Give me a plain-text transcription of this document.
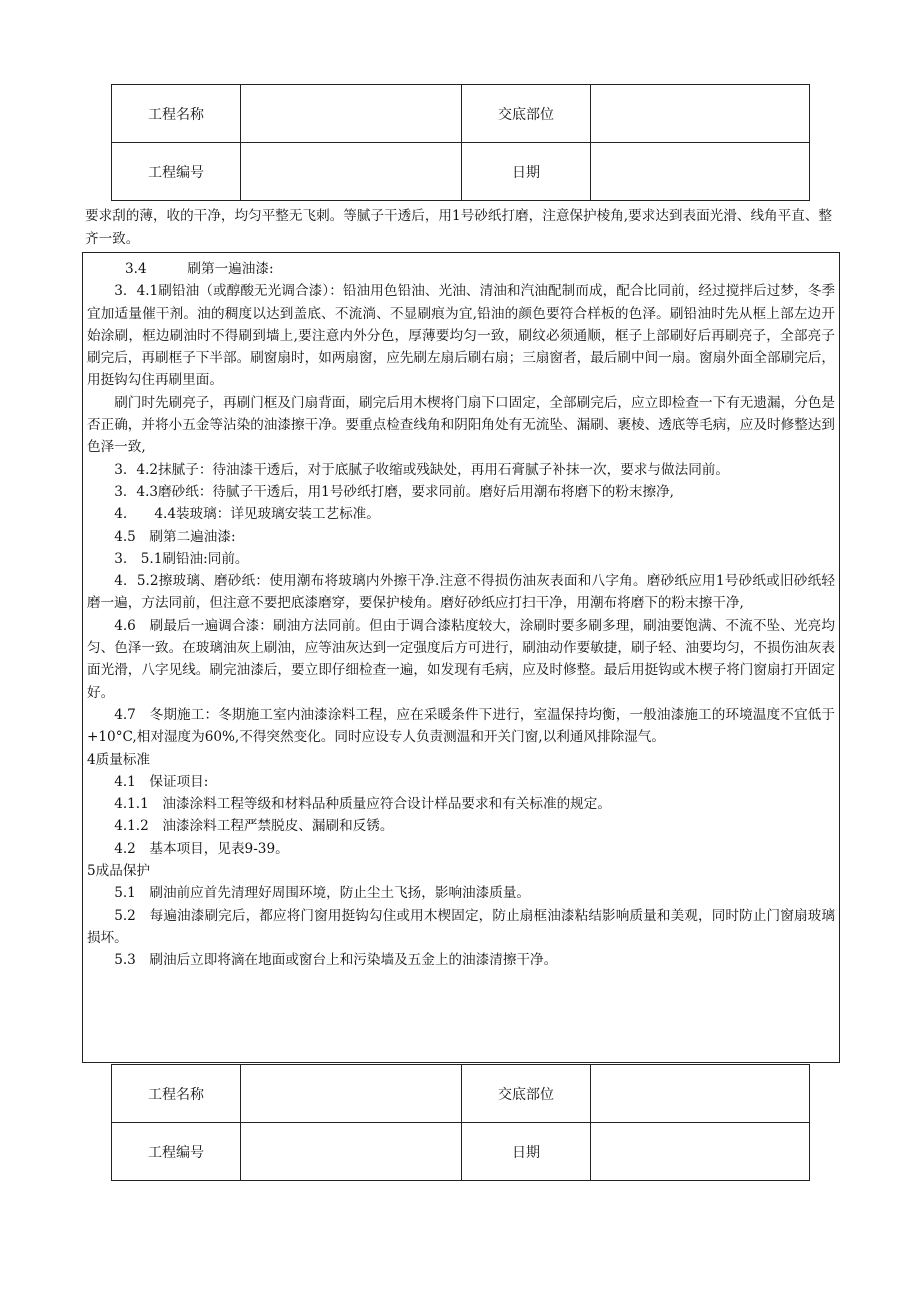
工程名称		交底部位	
工程编号		日期	
要求刮的薄，收的干净，均匀平整无飞刺。等腻子干透后，用1号砂纸打磨，注意保护棱角,要求达到表面光滑、线角平直、整齐一致。

3.4　　　刷第一遍油漆:

3．4.1刷铅油（或醇酸无光调合漆）：铅油用色铅油、光油、清油和汽油配制而成，配合比同前，经过搅拌后过梦，冬季宜加适量催干剂。油的稠度以达到盖底、不流淌、不显刷痕为宜,铅油的颜色要符合样板的色泽。刷铅油时先从框上部左边开始涂刷，框边刷油时不得刷到墙上,要注意内外分色，厚薄要均匀一致，刷纹必须通顺，框子上部刷好后再刷亮子，全部亮子刷完后，再刷框子下半部。刷窗扇时，如两扇窗，应先刷左扇后刷右扇；三扇窗者，最后刷中间一扇。窗扇外面全部刷完后，用挺钩勾住再刷里面。

刷门时先刷亮子，再刷门框及门扇背面，刷完后用木楔将门扇下口固定，全部刷完后，应立即检查一下有无遗漏，分色是否正确，并将小五金等沾染的油漆擦干净。要重点检查线角和阴阳角处有无流坠、漏刷、裹棱、透底等毛病，应及时修整达到色泽一致,

3．4.2抹腻子：待油漆干透后，对于底腻子收缩或残缺处，再用石膏腻子补抹一次，要求与做法同前。

3．4.3磨砂纸：待腻子干透后，用1号砂纸打磨，要求同前。磨好后用潮布将磨下的粉末擦净,

4.　　4.4装玻璃：详见玻璃安装工艺标准。

4.5　刷第二遍油漆:

3.　5.1刷铅油:同前。

4．5.2擦玻璃、磨砂纸：使用潮布将玻璃内外擦干净.注意不得损伤油灰表面和八字角。磨砂纸应用1号砂纸或旧砂纸轻磨一遍，方法同前，但注意不要把底漆磨穿，要保护棱角。磨好砂纸应打扫干净，用潮布将磨下的粉末擦干净,

4.6　刷最后一遍调合漆：刷油方法同前。但由于调合漆粘度较大，涂刷时要多刷多理，刷油要饱满、不流不坠、光亮均匀、色泽一致。在玻璃油灰上刷油，应等油灰达到一定强度后方可进行，刷油动作要敏捷，刷子轻、油要均匀，不损伤油灰表面光滑，八字见线。刷完油漆后，要立即仔细检查一遍，如发现有毛病，应及时修整。最后用挺钩或木楔子将门窗扇打开固定好。

4.7　冬期施工：冬期施工室内油漆涂料工程，应在采暖条件下进行，室温保持均衡，一般油漆施工的环境温度不宜低于+10°C,相对湿度为60%,不得突然变化。同时应设专人负责测温和开关门窗,以利通风排除湿气。

4质量标准

4.1　保证项目:

4.1.1　油漆涂料工程等级和材料品种质量应符合设计样品要求和有关标准的规定。

4.1.2　油漆涂料工程严禁脱皮、漏刷和反锈。

4.2　基本项目，见表9-39。

5成品保护

5.1　刷油前应首先清理好周围环境，防止尘土飞扬，影响油漆质量。

5.2　每遍油漆刷完后，都应将门窗用挺钩勾住或用木楔固定，防止扇框油漆粘结影响质量和美观，同时防止门窗扇玻璃损坏。

5.3　刷油后立即将滴在地面或窗台上和污染墙及五金上的油漆清擦干净。

工程名称		交底部位	
工程编号		日期	
